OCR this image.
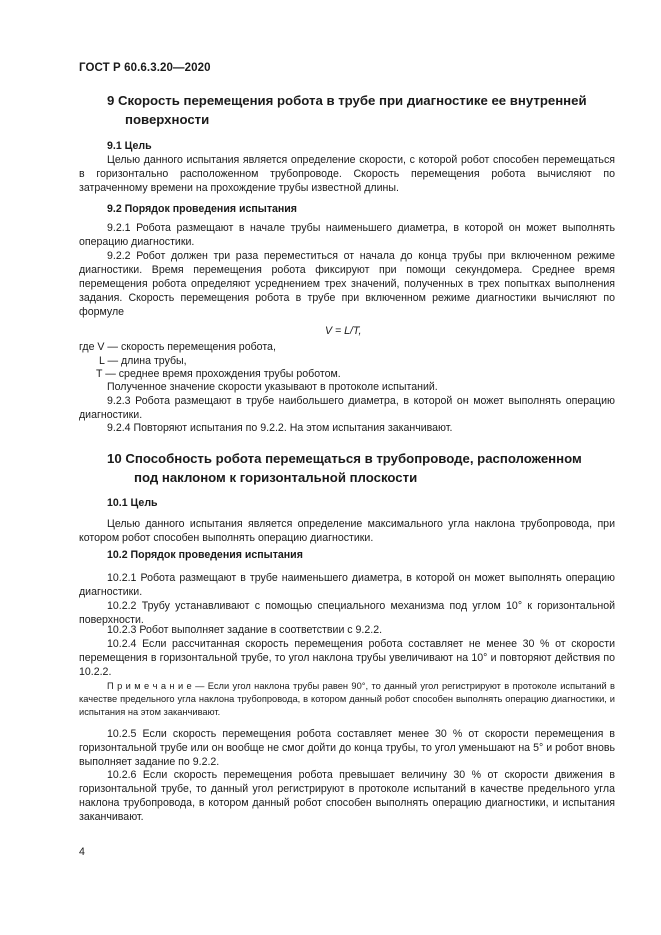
ГОСТ Р 60.6.3.20—2020
9 Скорость перемещения робота в трубе при диагностике ее внутренней
поверхности
9.1 Цель
Целью данного испытания является определение скорости, с которой робот способен перемещаться в горизонтально расположенном трубопроводе. Скорость перемещения робота вычисляют по затраченному времени на прохождение трубы известной длины.
9.2 Порядок проведения испытания
9.2.1 Робота размещают в начале трубы наименьшего диаметра, в которой он может выполнять операцию диагностики.
9.2.2 Робот должен три раза переместиться от начала до конца трубы при включенном режиме диагностики. Время перемещения робота фиксируют при помощи секундомера. Среднее время перемещения робота определяют усреднением трех значений, полученных в трех попытках выполнения задания. Скорость перемещения робота в трубе при включенном режиме диагностики вычисляют по формуле
V = L/T,
где V — скорость перемещения робота,
L — длина трубы,
T — среднее время прохождения трубы роботом.
Полученное значение скорости указывают в протоколе испытаний.
9.2.3 Робота размещают в трубе наибольшего диаметра, в которой он может выполнять операцию диагностики.
9.2.4 Повторяют испытания по 9.2.2. На этом испытания заканчивают.
10 Способность робота перемещаться в трубопроводе, расположенном
под наклоном к горизонтальной плоскости
10.1 Цель
Целью данного испытания является определение максимального угла наклона трубопровода, при котором робот способен выполнять операцию диагностики.
10.2 Порядок проведения испытания
10.2.1 Робота размещают в трубе наименьшего диаметра, в которой он может выполнять операцию диагностики.
10.2.2 Трубу устанавливают с помощью специального механизма под углом 10° к горизонтальной поверхности.
10.2.3 Робот выполняет задание в соответствии с 9.2.2.
10.2.4 Если рассчитанная скорость перемещения робота составляет не менее 30 % от скорости перемещения в горизонтальной трубе, то угол наклона трубы увеличивают на 10° и повторяют действия по 10.2.2.
П р и м е ч а н и е — Если угол наклона трубы равен 90°, то данный угол регистрируют в протоколе испытаний в качестве предельного угла наклона трубопровода, в котором данный робот способен выполнять операцию диагностики, и испытания на этом заканчивают.
10.2.5 Если скорость перемещения робота составляет менее 30 % от скорости перемещения в горизонтальной трубе или он вообще не смог дойти до конца трубы, то угол уменьшают на 5° и робот вновь выполняет задание по 9.2.2.
10.2.6 Если скорость перемещения робота превышает величину 30 % от скорости движения в горизонтальной трубе, то данный угол регистрируют в протоколе испытаний в качестве предельного угла наклона трубопровода, в котором данный робот способен выполнять операцию диагностики, и испытания заканчивают.
4
